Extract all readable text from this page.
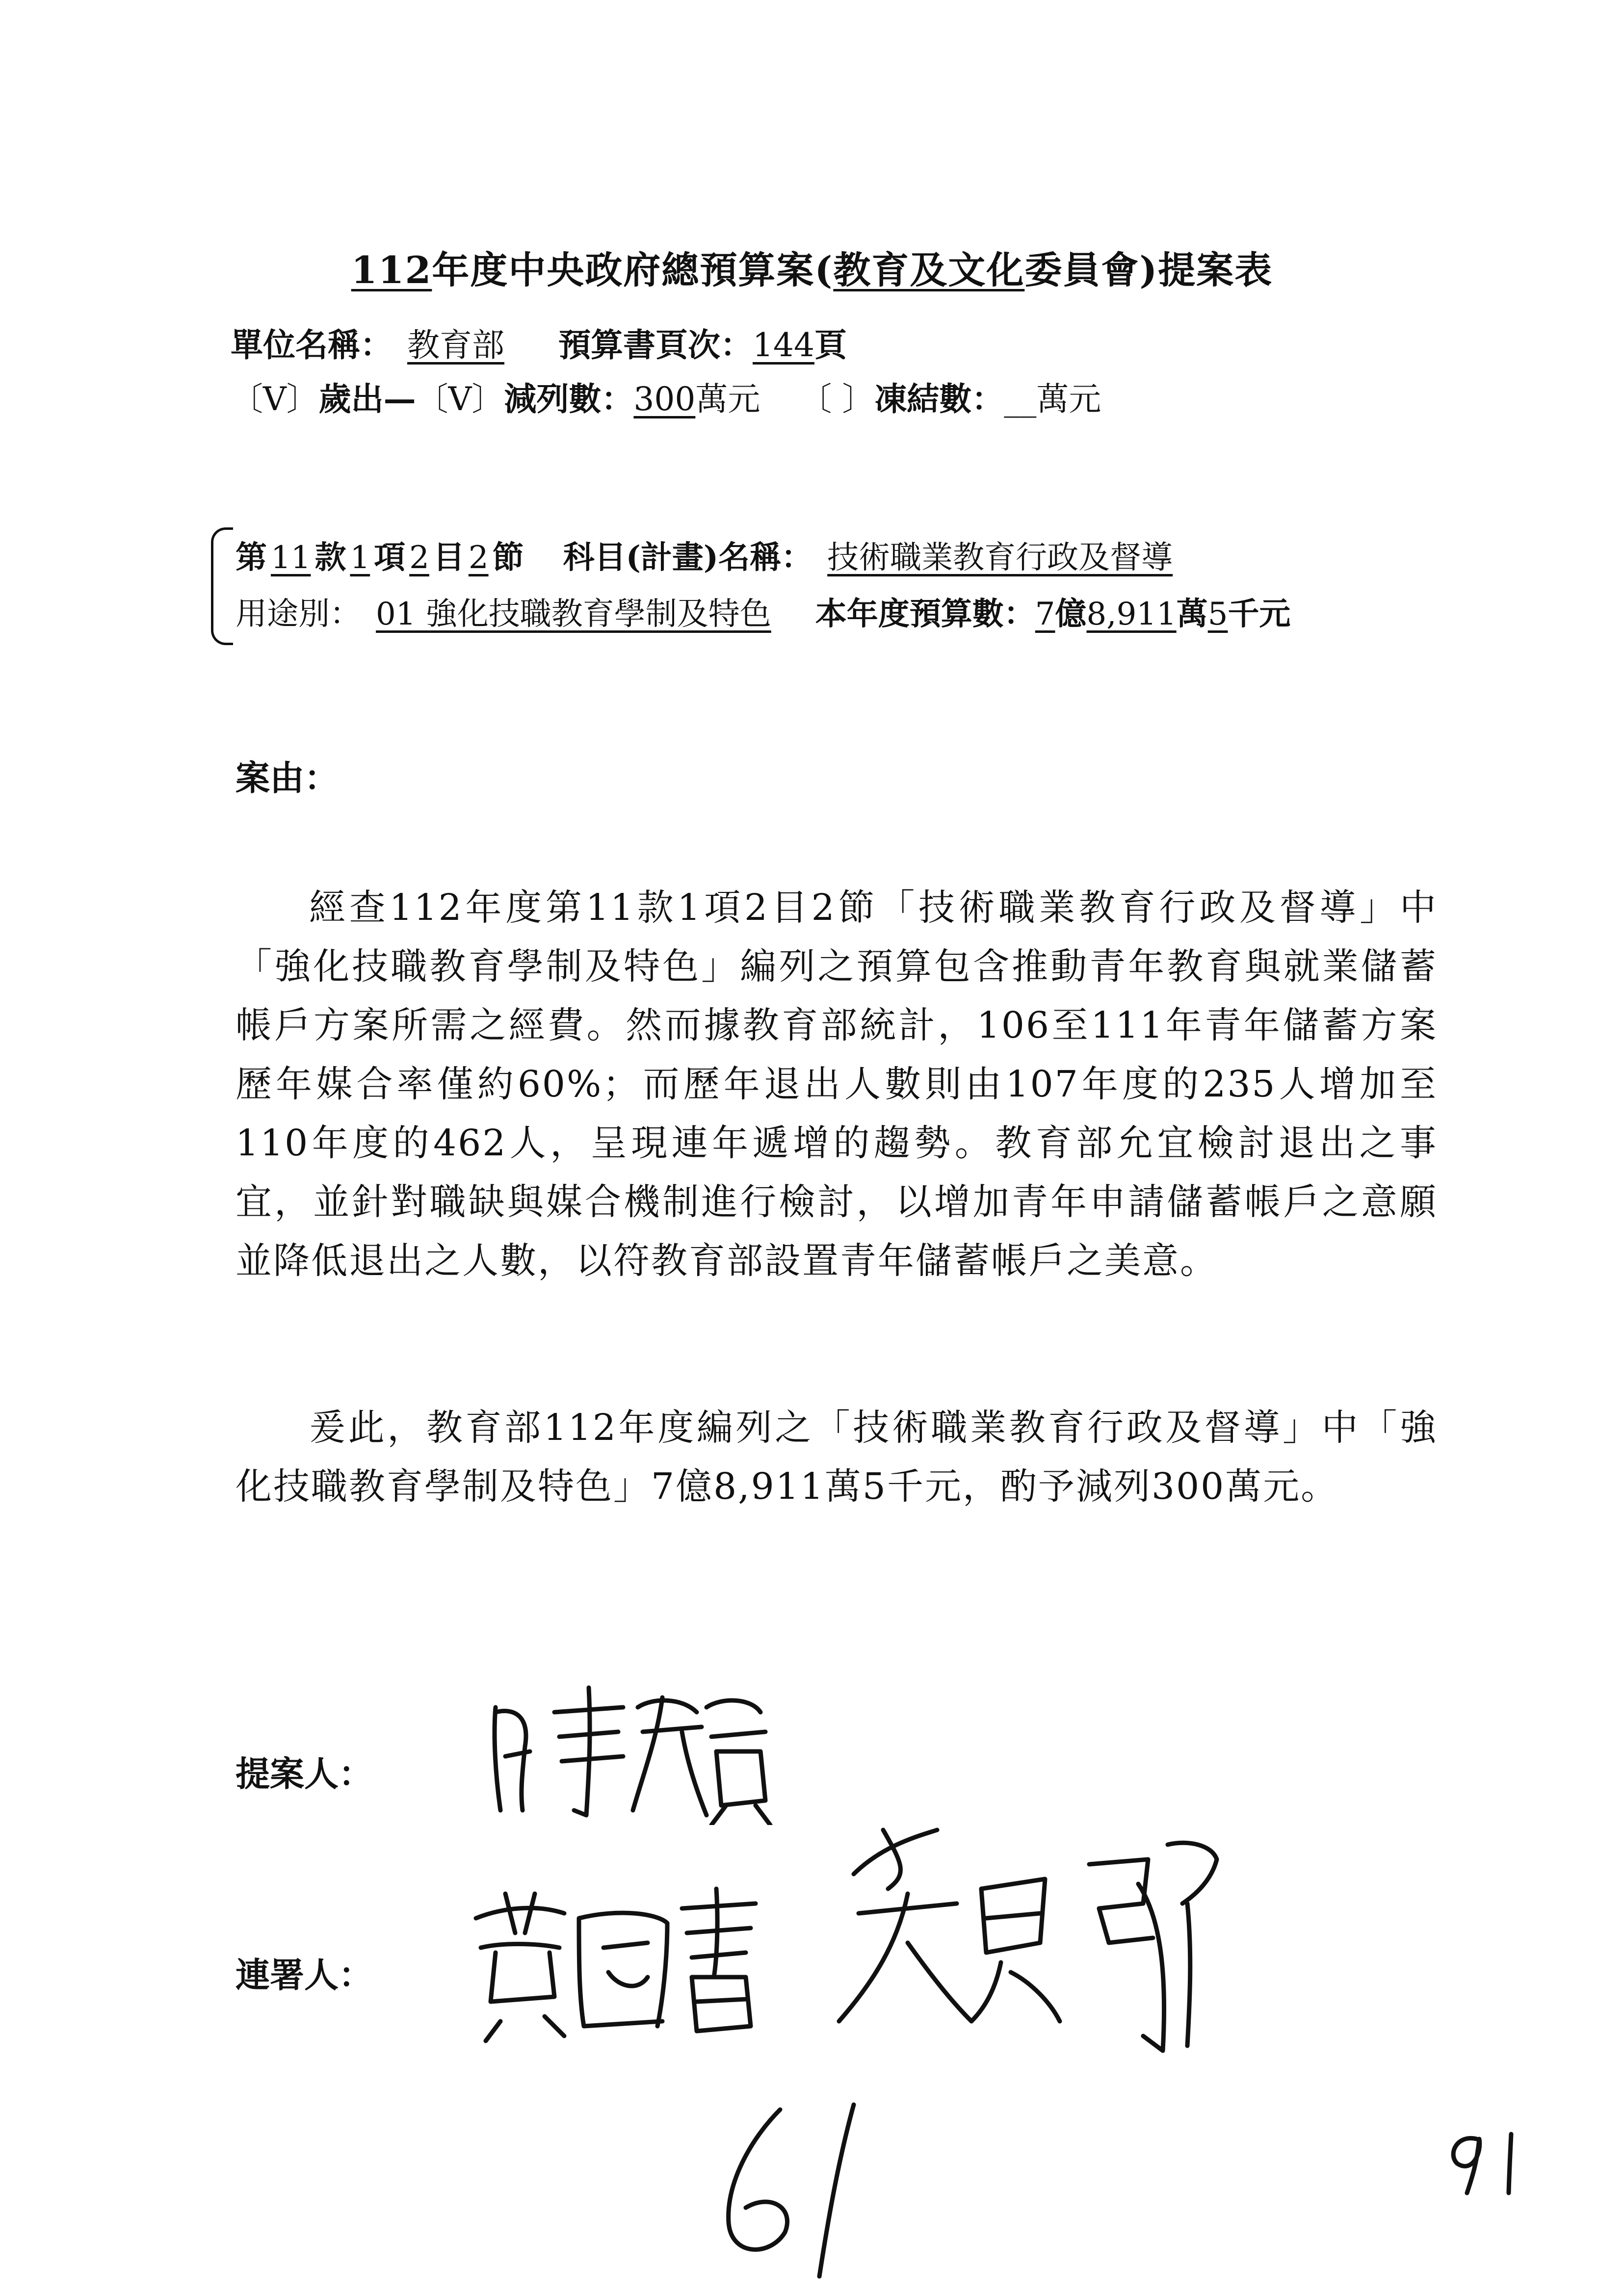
112年度中央政府總預算案(教育及文化委員會)提案表
單位名稱： 教育部 預算書頁次：144頁
〔V〕歲出—〔V〕減列數：300萬元 〔 〕凍結數：__萬元
第 11 款 1 項 2 目 2 節 科目(計畫)名稱： 技術職業教育行政及督導
用途別： 01 強化技職教育學制及特色 本年度預算數：7億8,911萬5千元
案由：

經查112年度第11款1項2目2節「技術職業教育行政及督導」中「強化技職教育學制及特色」編列之預算包含推動青年教育與就業儲蓄帳戶方案所需之經費。然而據教育部統計，106至111年青年儲蓄方案歷年媒合率僅約60%；而歷年退出人數則由107年度的235人增加至110年度的462人，呈現連年遞增的趨勢。教育部允宜檢討退出之事宜，並針對職缺與媒合機制進行檢討，以增加青年申請儲蓄帳戶之意願並降低退出之人數，以符教育部設置青年儲蓄帳戶之美意。

爰此，教育部112年度編列之「技術職業教育行政及督導」中「強化技職教育學制及特色」7億8,911萬5千元，酌予減列300萬元。

提案人：
連署人：
